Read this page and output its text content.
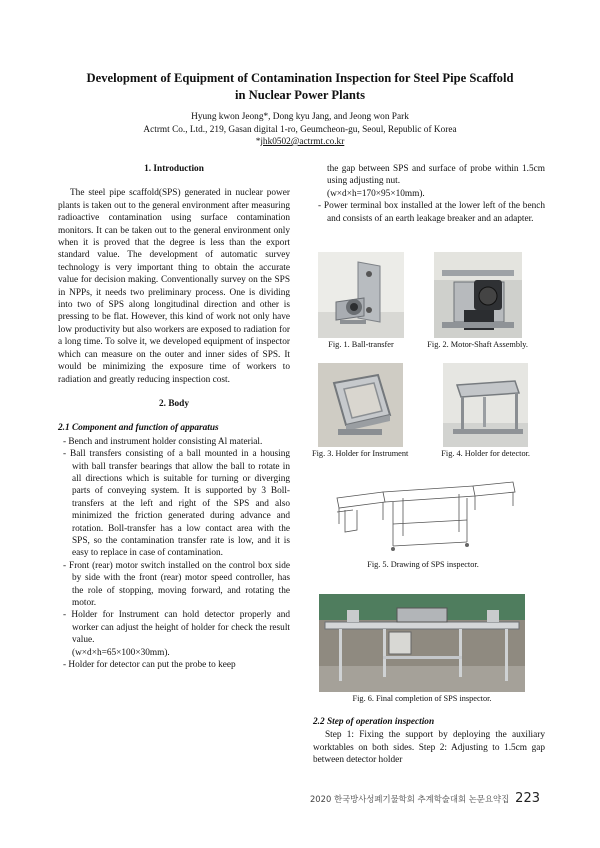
Development of Equipment of Contamination Inspection for Steel Pipe Scaffold
in Nuclear Power Plants
Hyung kwon Jeong*, Dong kyu Jang, and Jeong won Park
Actrmt Co., Ltd., 219, Gasan digital 1-ro, Geumcheon-gu, Seoul, Republic of Korea
*jhk0502@actrmt.co.kr
1. Introduction
The steel pipe scaffold(SPS) generated in nuclear power plants is taken out to the general environment after measuring radioactive contamination using surface contamination monitors. It can be taken out to the general environment only when it is proved that the degree is less than the export standard value. The development of automatic survey technology is very important thing to obtain the accurate value for decision making. Conventionally survey on the SPS in NPPs, it needs two preliminary process. One is dividing into two of SPS along longitudinal direction and other is pressing to be flat. However, this kind of work not only have low productivity but also workers are exposed to radiation for a long time. To solve it, we developed equipment of inspector which can measure on the outer and inner sides of SPS. It would be minimizing the exposure time of workers to radiation and greatly reducing inspection cost.
2. Body
2.1 Component and function of apparatus
- Bench and instrument holder consisting Al material.
- Ball transfers consisting of a ball mounted in a housing with ball transfer bearings that allow the ball to rotate in all directions which is suitable for turning or diverging parts of conveying system. It is supported by 3 Boll-transfers at the left and right of the SPS and also minimized the friction generated during advance and rotation. Boll-transfer has a low contact area with the SPS, so the contamination transfer rate is low, and it is easy to replace in case of contamination.
- Front (rear) motor switch installed on the control box side by side with the front (rear) motor speed controller, has the role of stopping, moving forward, and rotating the motor.
- Holder for Instrument can hold detector properly and worker can adjust the height of holder for check the result value.
(w×d×h=65×100×30mm).
- Holder for detector can put the probe to keep
the gap between SPS and surface of probe within 1.5cm using adjusting nut.
(w×d×h=170×95×10mm).
- Power terminal box installed at the lower left of the bench and consists of an earth leakage breaker and an adapter.
Fig. 1. Ball-transfer	Fig. 2. Motor-Shaft Assembly.
Fig. 3. Holder for Instrument	Fig. 4. Holder for detector.
Fig. 5. Drawing of SPS inspector.
Fig. 6. Final completion of SPS inspector.
2.2 Step of operation inspection
Step 1: Fixing the support by deploying the auxiliary worktables on both sides. Step 2: Adjusting to 1.5cm gap between detector holder
2020 한국방사성폐기물학회 추계학술대회 논문요약집 223
